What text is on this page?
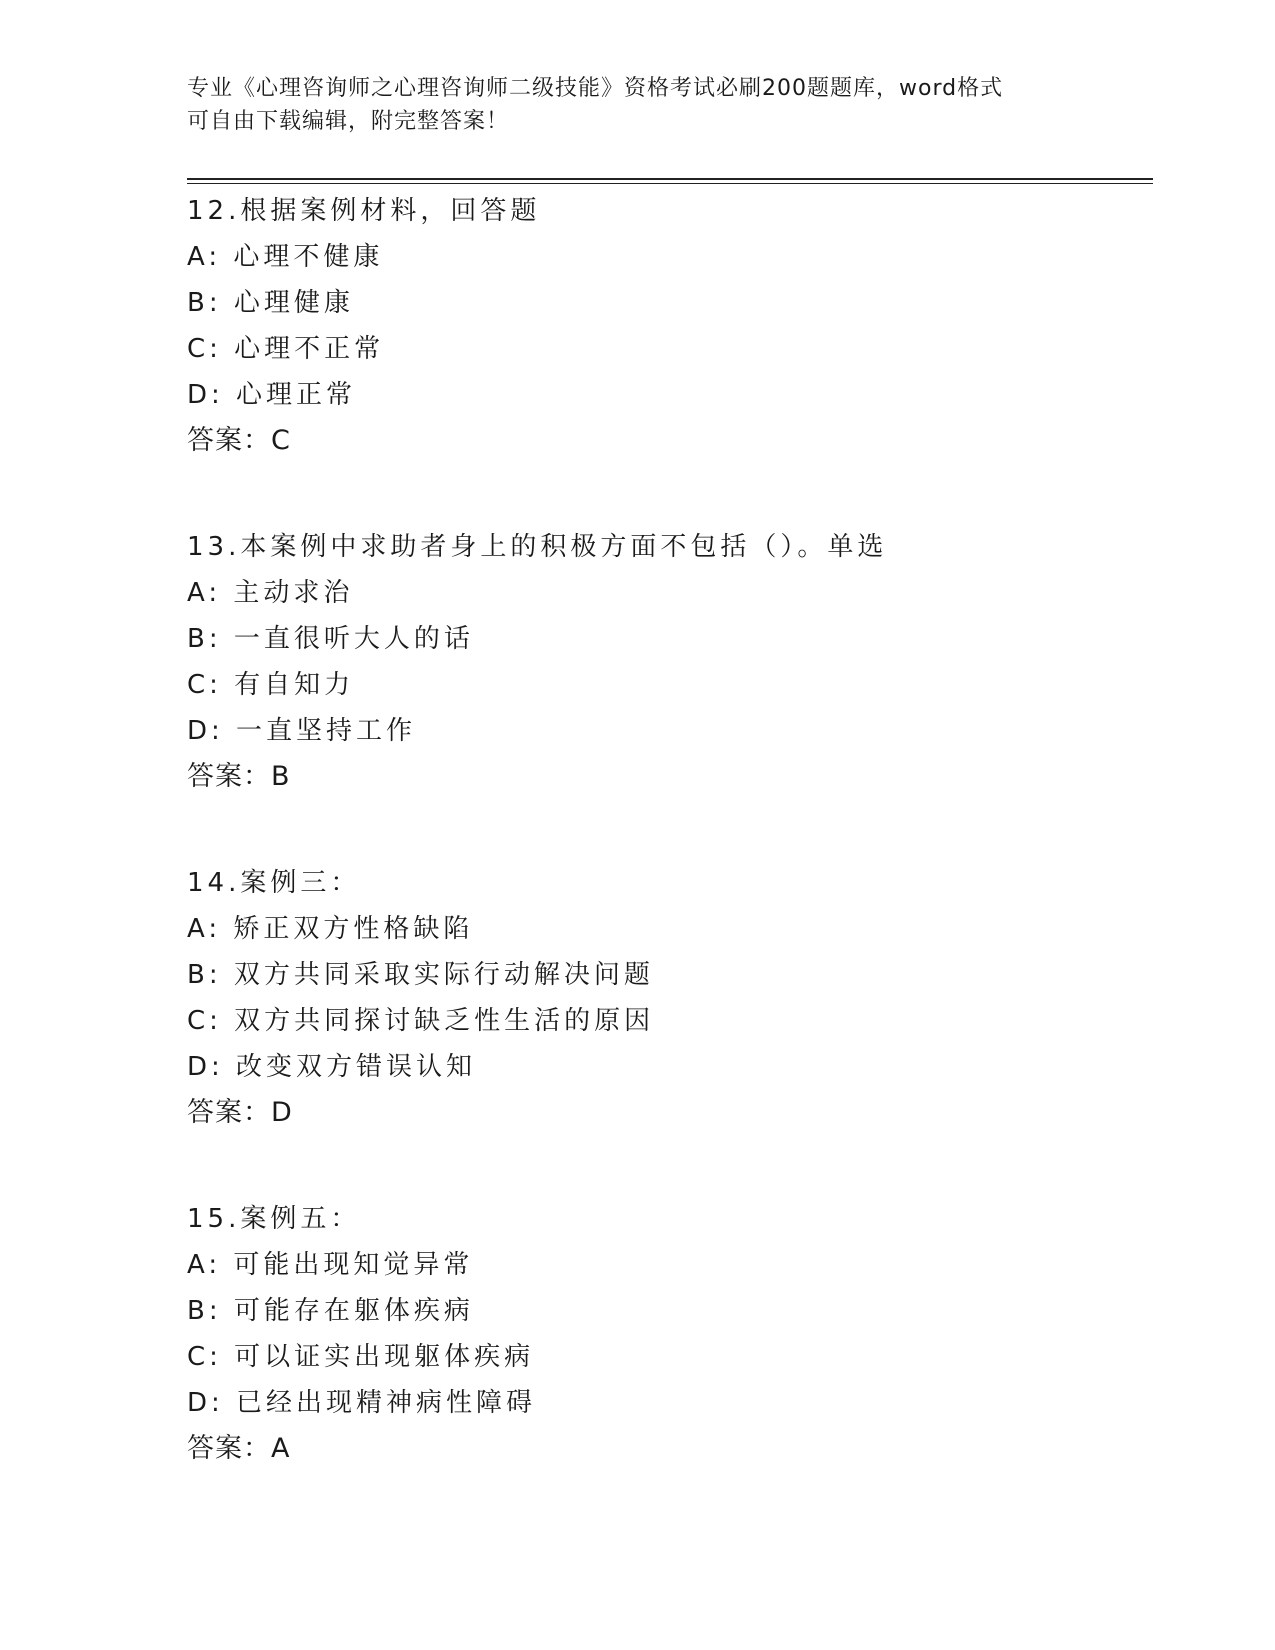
专业《心理咨询师之心理咨询师二级技能》资格考试必刷200题题库，word格式
可自由下载编辑，附完整答案！
12.根据案例材料，回答题
A: 心理不健康
B: 心理健康
C: 心理不正常
D: 心理正常
答案：C
13.本案例中求助者身上的积极方面不包括（）。单选
A: 主动求治
B: 一直很听大人的话
C: 有自知力
D: 一直坚持工作
答案：B
14.案例三：
A: 矫正双方性格缺陷
B: 双方共同采取实际行动解决问题
C: 双方共同探讨缺乏性生活的原因
D: 改变双方错误认知
答案：D
15.案例五：
A: 可能出现知觉异常
B: 可能存在躯体疾病
C: 可以证实出现躯体疾病
D: 已经出现精神病性障碍
答案：A
